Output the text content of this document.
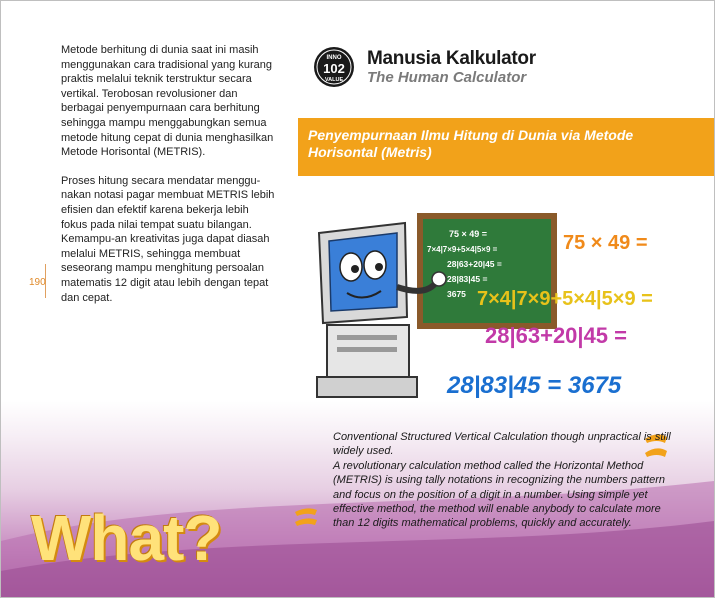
Metode berhitung di dunia saat ini masih menggunakan cara tradisional yang kurang praktis melalui teknik terstruktur secara vertikal. Terobosan revolusioner dan berbagai penyempurnaan cara berhitung sehingga mampu menggabungkan semua metode hitung cepat di dunia menghasilkan Metode Horisontal (METRIS).

Proses hitung secara mendatar menggu-nakan notasi pagar membuat METRIS lebih efisien dan efektif karena bekerja lebih fokus pada nilai tempat suatu bilangan. Kemampu-an kreativitas juga dapat diasah melalui METRIS, sehingga membuat seseorang mampu menghitung persoalan matematis 12 digit atau lebih dengan tepat dan cepat.

190
INNO
102
VALUE
Manusia Kalkulator
The Human Calculator
Penyempurnaan Ilmu Hitung di Dunia via Metode Horisontal (Metris)
75 × 49 =
7×4|7×9+5×4|5×9 =
28|63+20|45 =
28|83|45 =
3675
75 × 49 =
7×4|7×9+5×4|5×9 =
28|63+20|45 =
28|83|45 = 3675

Conventional Structured Vertical Calculation though unpractical is still widely used.

A revolutionary calculation method called the Horizontal Method (METRIS) is using tally notations in recognizing the numbers pattern and focus on the position of a digit in a number. Using simple yet effective method, the method will enable anybody to calculate more than 12 digits mathematical problems, quickly and accurately.

What?
